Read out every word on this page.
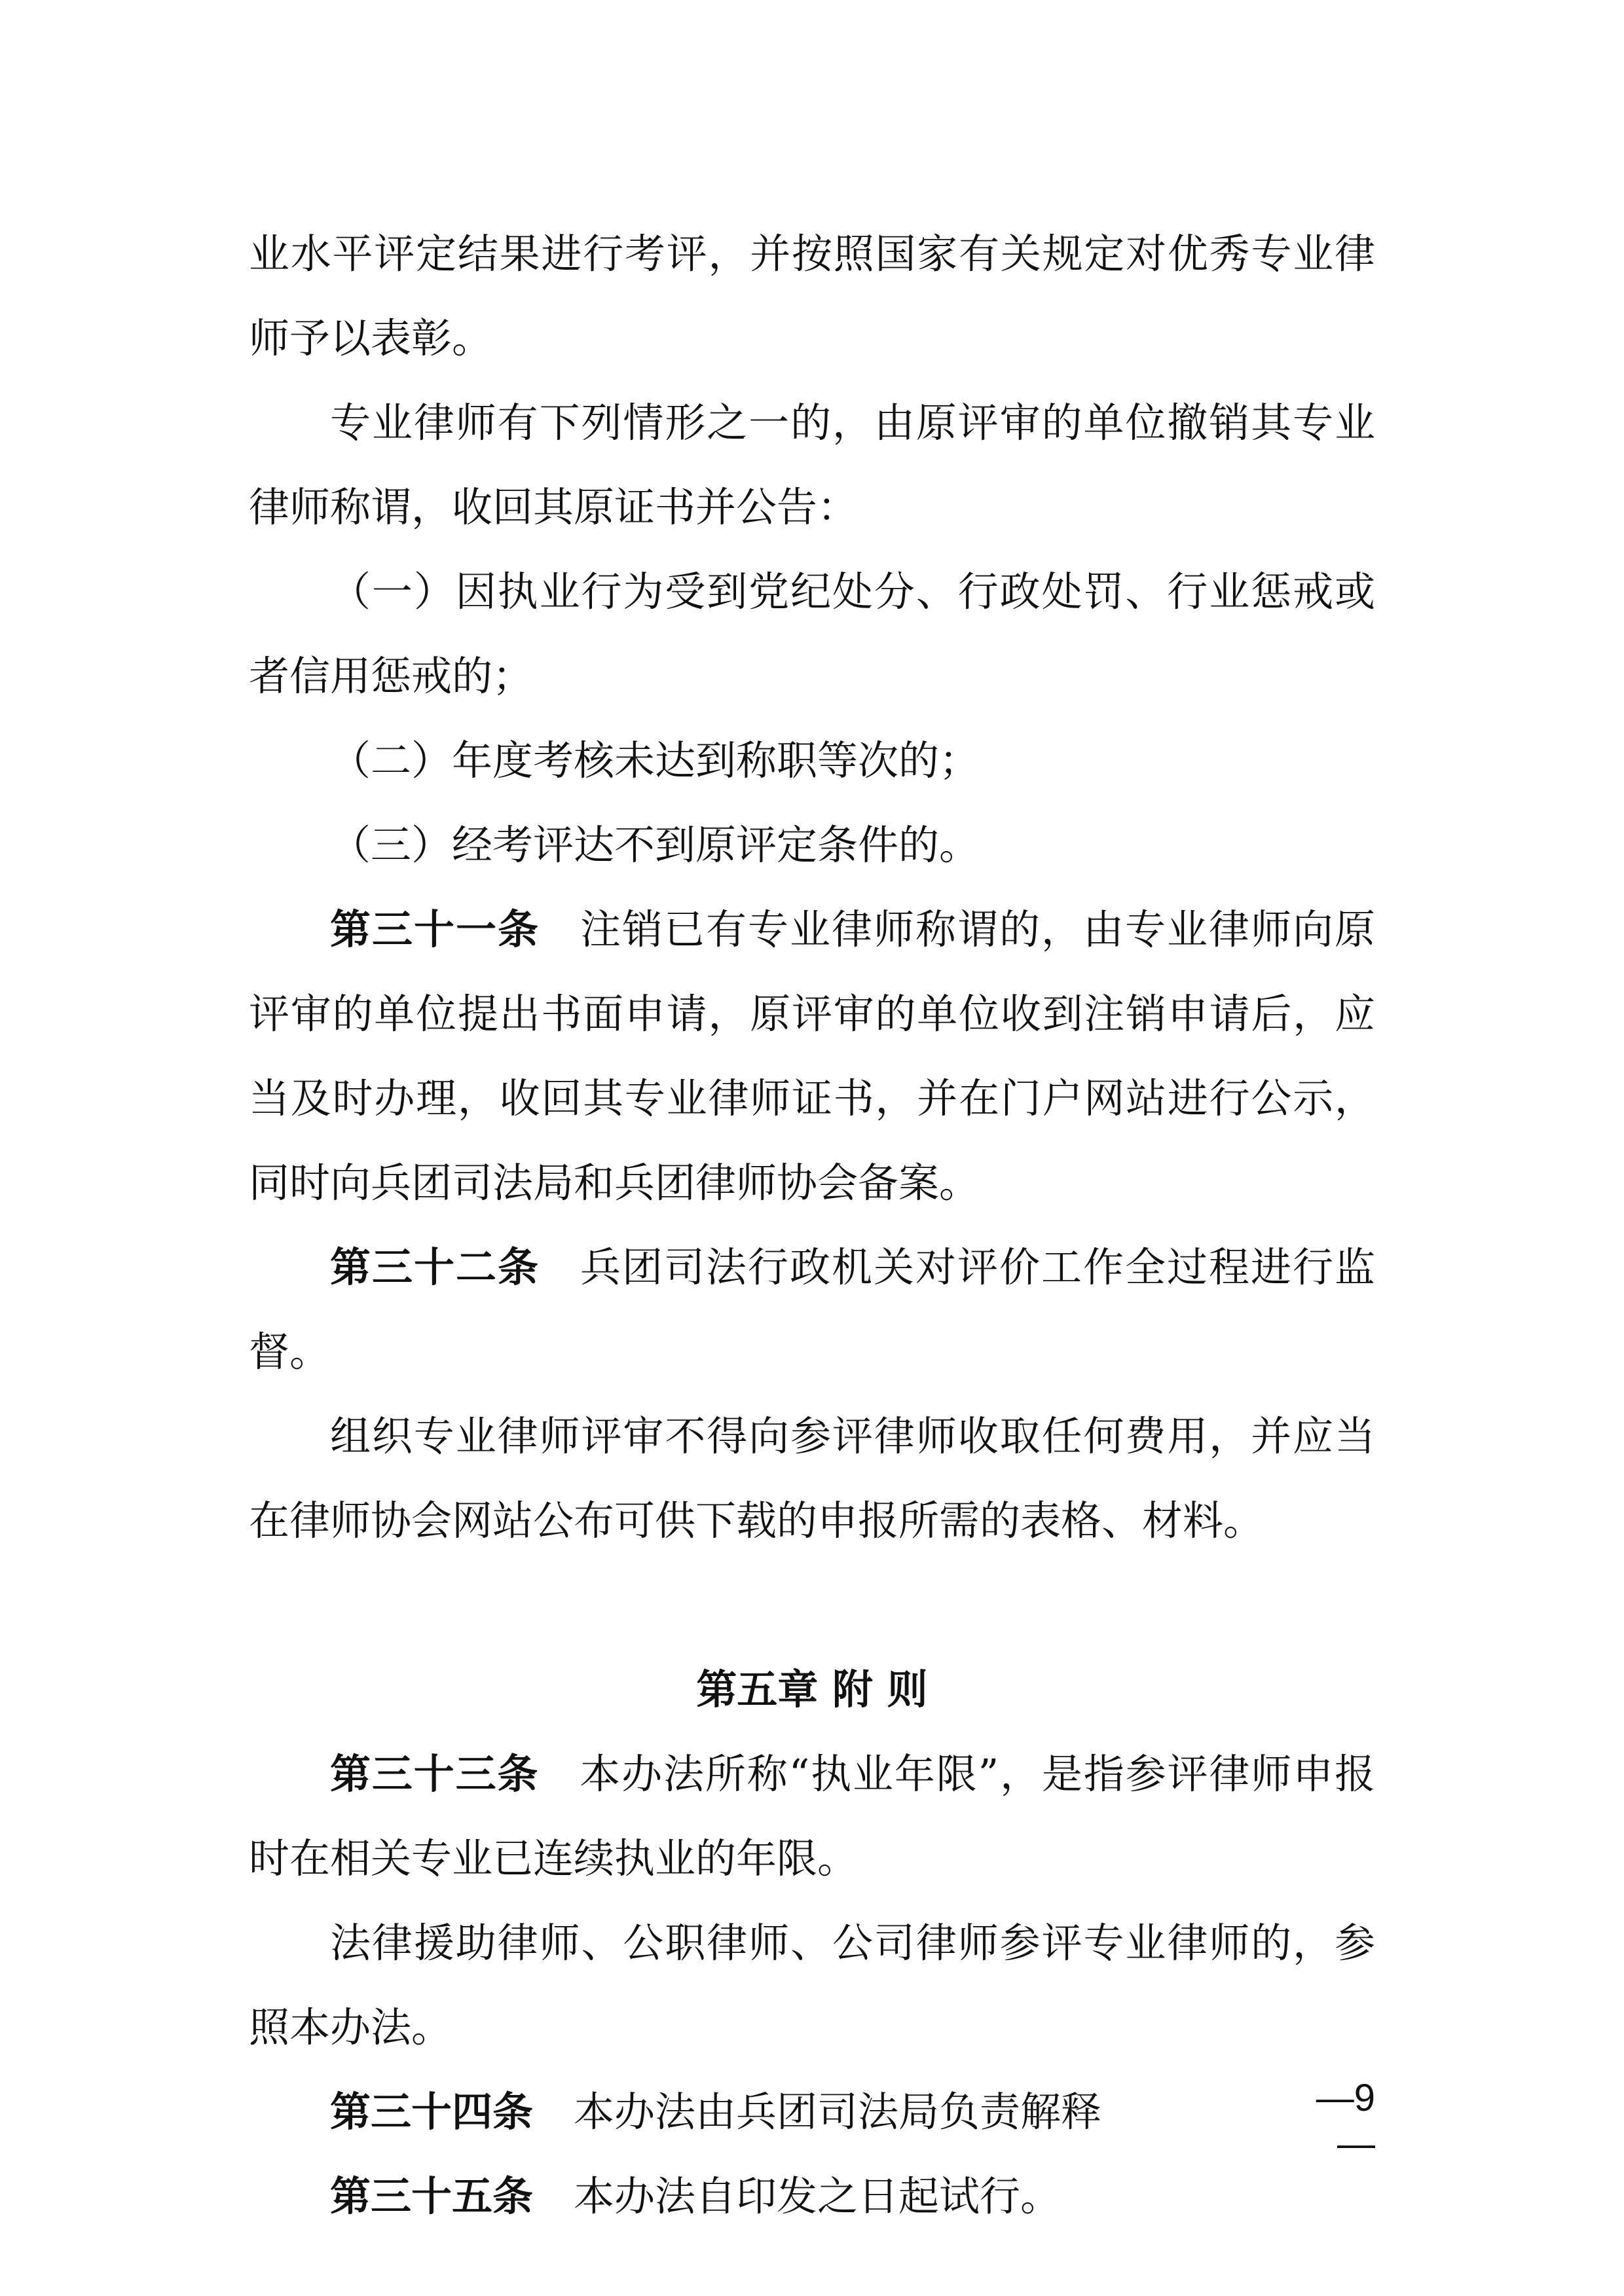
业水平评定结果进行考评，并按照国家有关规定对优秀专业律师予以表彰。

专业律师有下列情形之一的，由原评审的单位撤销其专业律师称谓，收回其原证书并公告：

（一）因执业行为受到党纪处分、行政处罚、行业惩戒或者信用惩戒的；

（二）年度考核未达到称职等次的；

（三）经考评达不到原评定条件的。

第三十一条 注销已有专业律师称谓的，由专业律师向原评审的单位提出书面申请，原评审的单位收到注销申请后，应当及时办理，收回其专业律师证书，并在门户网站进行公示，同时向兵团司法局和兵团律师协会备案。

第三十二条 兵团司法行政机关对评价工作全过程进行监督。

组织专业律师评审不得向参评律师收取任何费用，并应当在律师协会网站公布可供下载的申报所需的表格、材料。

第五章 附 则

第三十三条 本办法所称“执业年限”，是指参评律师申报时在相关专业已连续执业的年限。

法律援助律师、公职律师、公司律师参评专业律师的，参照本办法。

第三十四条 本办法由兵团司法局负责解释

第三十五条 本办法自印发之日起试行。

—9—
